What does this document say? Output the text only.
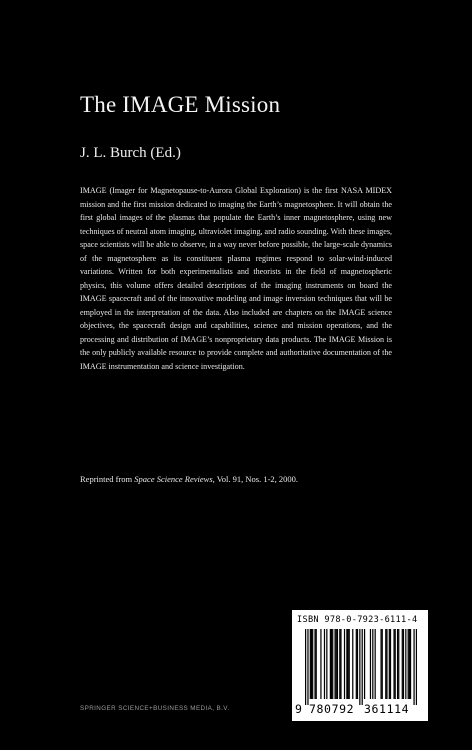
The IMAGE Mission
J. L. Burch (Ed.)
IMAGE (Imager for Magnetopause-to-Aurora Global Exploration) is the first NASA MIDEX mission and the first mission dedicated to imaging the Earth’s magnetosphere. It will obtain the first global images of the plasmas that populate the Earth’s inner magnetosphere, using new techniques of neutral atom imaging, ultraviolet imaging, and radio sounding. With these images, space scientists will be able to observe, in a way never before possible, the large-scale dynamics of the magnetosphere as its constituent plasma regimes respond to solar-wind-induced variations. Written for both experimentalists and theorists in the field of magnetospheric physics, this volume offers detailed descriptions of the imaging instruments on board the IMAGE spacecraft and of the innovative modeling and image inversion techniques that will be employed in the interpretation of the data. Also included are chapters on the IMAGE science objectives, the spacecraft design and capabilities, science and mission operations, and the processing and distribution of IMAGE’s nonproprietary data products. The IMAGE Mission is the only publicly available resource to provide complete and authoritative documentation of the IMAGE instrumentation and science investigation.
Reprinted from Space Science Reviews, Vol. 91, Nos. 1-2, 2000.
ISBN 978-0-7923-6111-4
9 780792 361114
SPRINGER SCIENCE+BUSINESS MEDIA, B.V.
